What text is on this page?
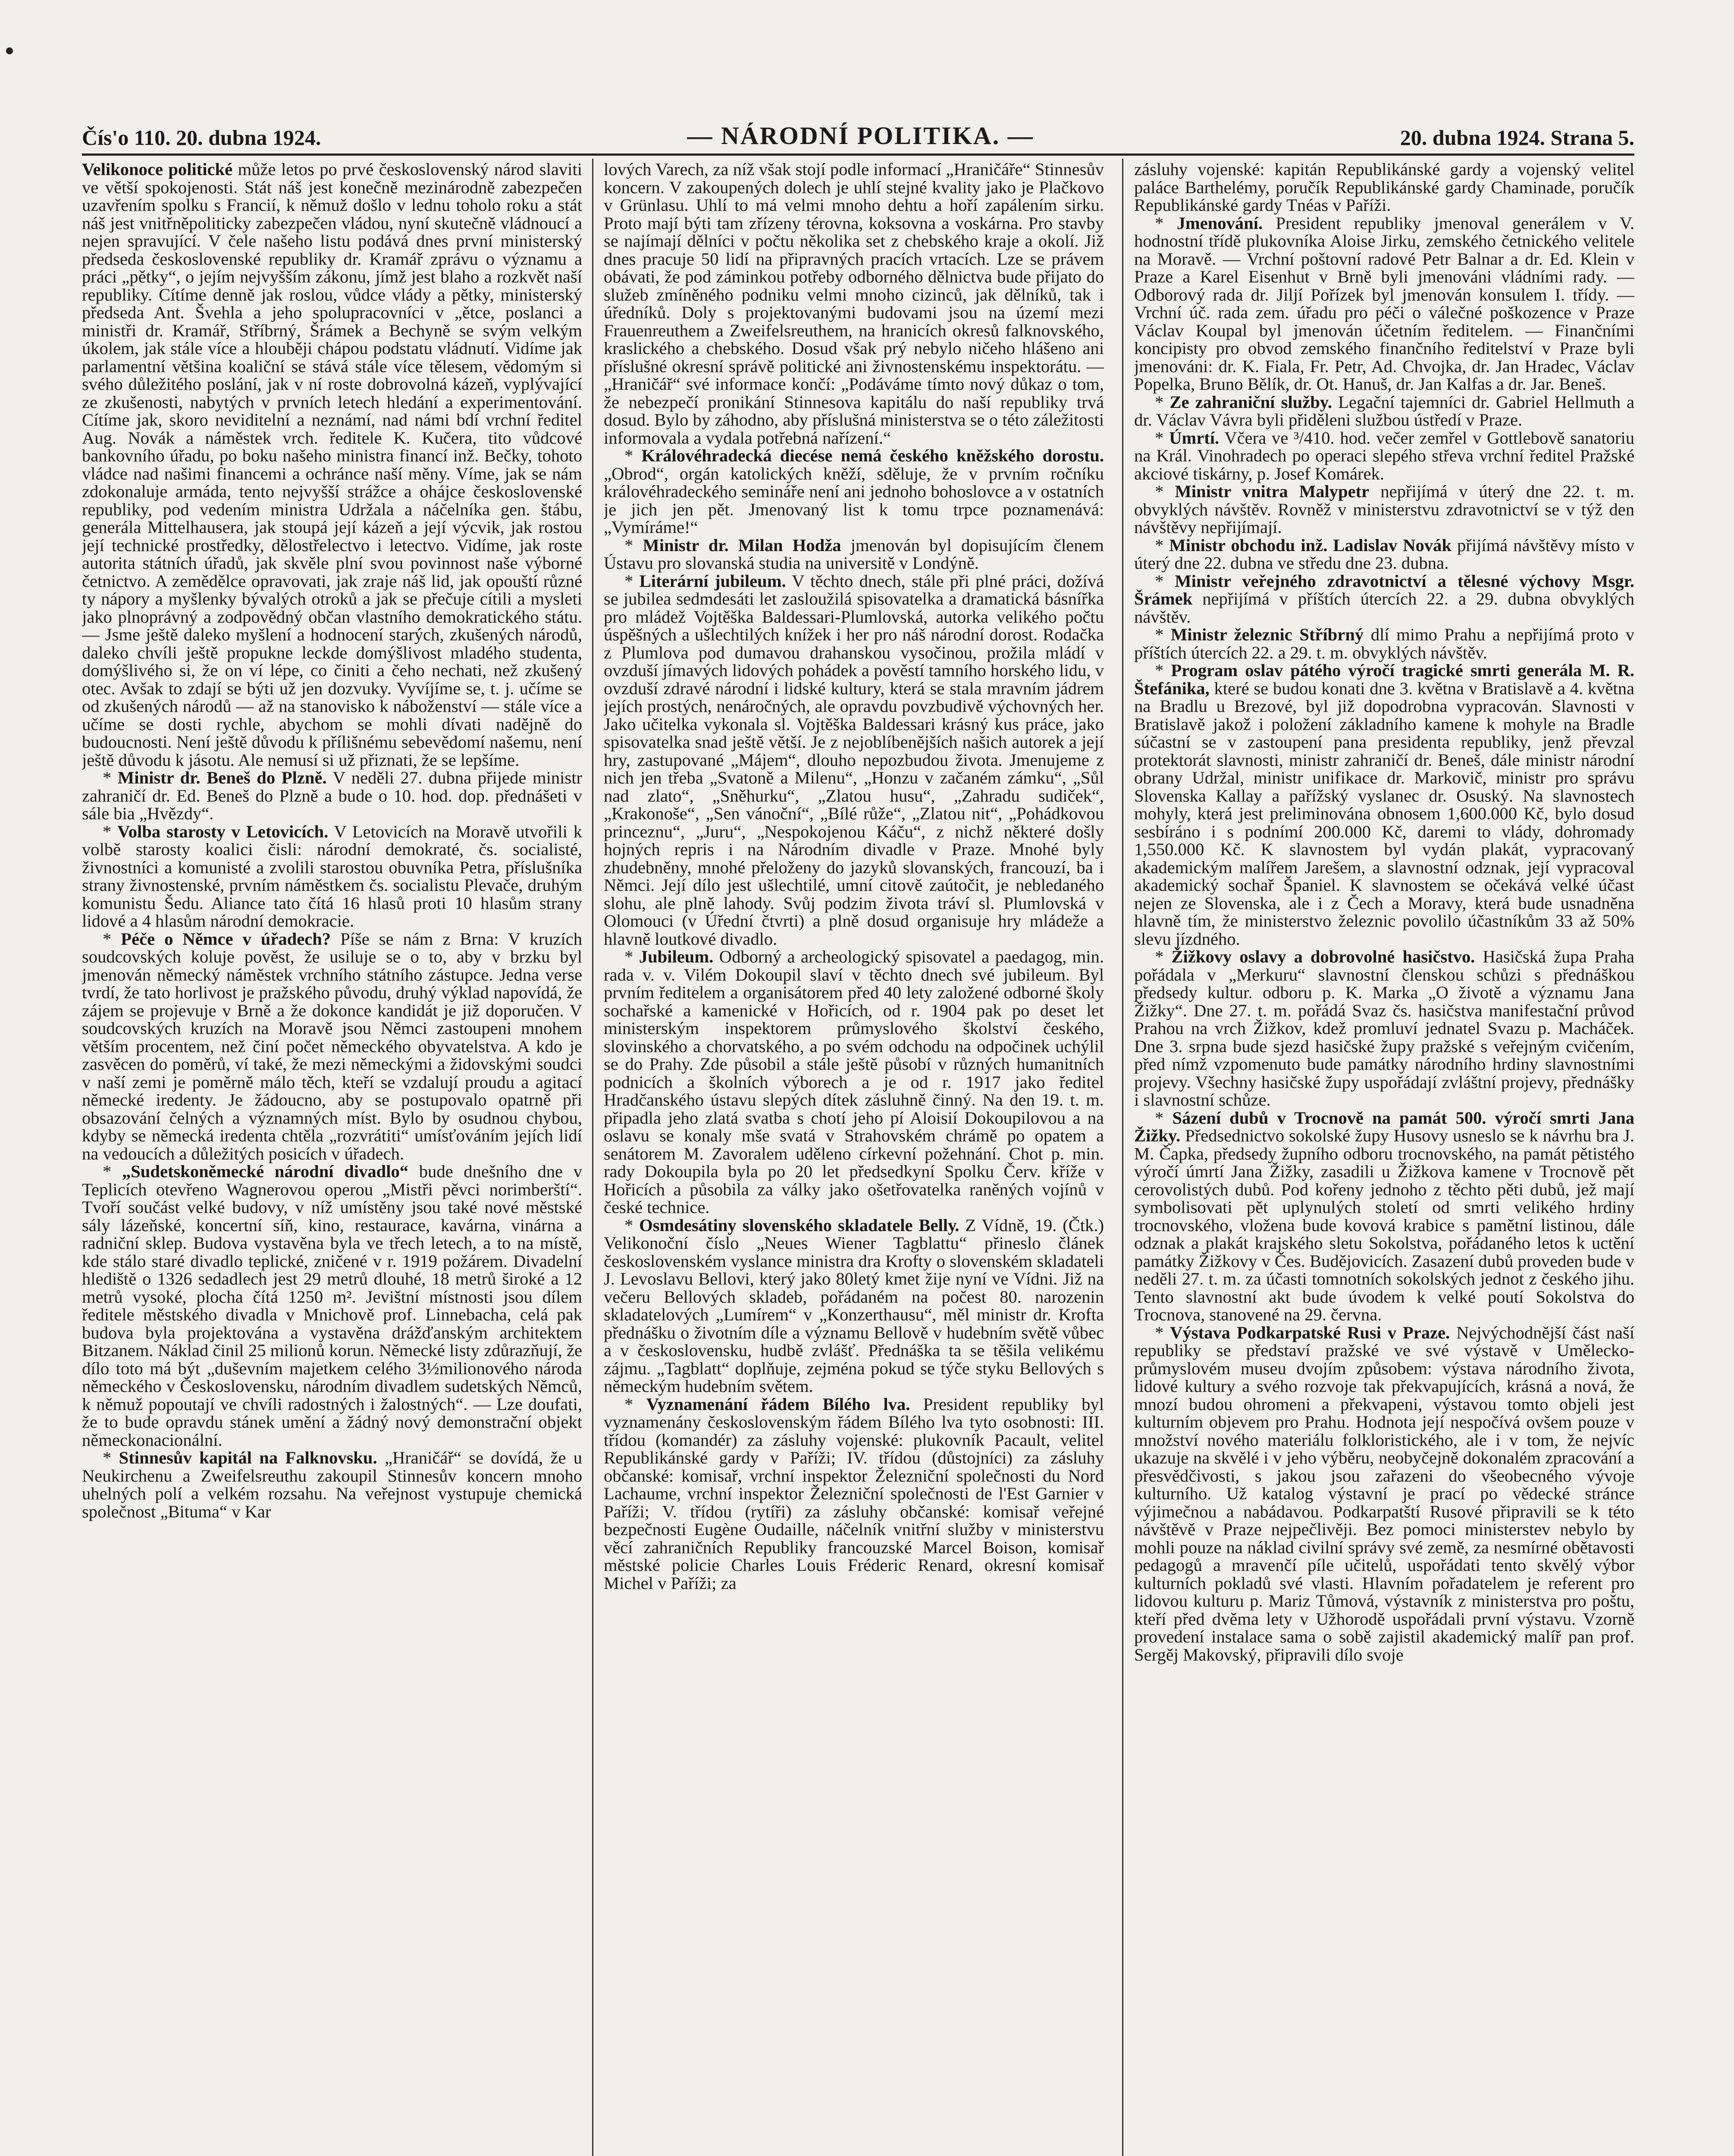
Čís'o 110. 20. dubna 1924.	— NÁRODNÍ POLITIKA. —	20. dubna 1924. Strana 5.

Velikonoce politické může letos po prvé československý národ slaviti ve větší spokojenosti. Stát náš jest konečně mezinárodně zabezpečen uzavřením spolku s Francií, k němuž došlo v lednu toholo roku a stát náš jest vnitřněpoliticky zabezpečen vládou, nyní skutečně vládnoucí a nejen spravující. V čele našeho listu podává dnes první ministerský předseda československé republiky dr. Kramář zprávu o významu a práci „pětky“, o jejím nejvyšším zákonu, jímž jest blaho a rozkvět naší republiky. Cítíme denně jak roslou, vůdce vlády a pětky, ministerský předseda Ant. Švehla a jeho spolupracovníci v „ětce, poslanci a ministři dr. Kramář, Stříbrný, Šrámek a Bechyně se svým velkým úkolem, jak stále více a hlouběji chápou podstatu vládnutí. Vidíme jak parlamentní většina koaliční se stává stále více tělesem, vědomým si svého důležitého poslání, jak v ní roste dobrovolná kázeň, vyplývající ze zkušenosti, nabytých v prvních letech hledání a experimentování. Cítíme jak, skoro neviditelní a neznámí, nad námi bdí vrchní ředitel Aug. Novák a náměstek vrch. ředitele K. Kučera, tito vůdcové bankovního úřadu, po boku našeho ministra financí inž. Bečky, tohoto vládce nad našimi financemi a ochránce naší měny. Víme, jak se nám zdokonaluje armáda, tento nejvyšší strážce a ohájce československé republiky, pod vedením ministra Udržala a náčelníka gen. štábu, generála Mittelhausera, jak stoupá její kázeň a její výcvik, jak rostou její technické prostředky, dělostřelectvo i letectvo. Vidíme, jak roste autorita státních úřadů, jak skvěle plní svou povinnost naše výborné četnictvo. A zemědělce opravovati, jak zraje náš lid, jak opouští různé ty nápory a myšlenky bývalých otroků a jak se přečuje cítili a mysleti jako plnoprávný a zodpovědný občan vlastního demokratického státu. — Jsme ještě daleko myšlení a hodnocení starých, zkušených národů, daleko chvíli ještě propukne leckde domýšlivost mladého studenta, domýšlivého si, že on ví lépe, co činiti a čeho nechati, než zkušený otec. Avšak to zdají se býti už jen dozvuky. Vyvíjíme se, t. j. učíme se od zkušených národů — až na stanovisko k náboženství — stále více a učíme se dosti rychle, abychom se mohli dívati nadějně do budoucnosti. Není ještě důvodu k přílišnému sebevědomí našemu, není ještě důvodu k jásotu. Ale nemusí si už přiznati, že se lepšíme.

* Ministr dr. Beneš do Plzně. V neděli 27. dubna přijede ministr zahraničí dr. Ed. Beneš do Plzně a bude o 10. hod. dop. přednášeti v sále bia „Hvězdy“.

* Volba starosty v Letovicích. V Letovicích na Moravě utvořili k volbě starosty koalici čisli: národní demokraté, čs. socialisté, živnostníci a komunisté a zvolili starostou obuvníka Petra, příslušníka strany živnostenské, prvním náměstkem čs. socialistu Plevače, druhým komunistu Šedu. Aliance tato čítá 16 hlasů proti 10 hlasům strany lidové a 4 hlasům národní demokracie.

* Péče o Němce v úřadech? Píše se nám z Brna: V kruzích soudcovských koluje pověst, že usiluje se o to, aby v brzku byl jmenován německý náměstek vrchního státního zástupce. Jedna verse tvrdí, že tato horlivost je pražského původu, druhý výklad napovídá, že zájem se projevuje v Brně a že dokonce kandidát je již doporučen. V soudcovských kruzích na Moravě jsou Němci zastoupeni mnohem větším procentem, než činí počet německého obyvatelstva. A kdo je zasvěcen do poměrů, ví také, že mezi německými a židovskými soudci v naší zemi je poměrně málo těch, kteří se vzdalují proudu a agitací německé iredenty. Je žádoucno, aby se postupovalo opatrně při obsazování čelných a významných míst. Bylo by osudnou chybou, kdyby se německá iredenta chtěla „rozvrátiti“ umísťováním jejích lidí na vedoucích a důležitých posicích v úřadech.

* „Sudetskoněmecké národní divadlo“ bude dnešního dne v Teplicích otevřeno Wagnerovou operou „Mistři pěvci norimberští“. Tvoří součást velké budovy, v níž umístěny jsou také nové městské sály lázeňské, koncertní síň, kino, restaurace, kavárna, vinárna a radniční sklep. Budova vystavěna byla ve třech letech, a to na místě, kde stálo staré divadlo teplické, zničené v r. 1919 požárem. Divadelní hlediště o 1326 sedadlech jest 29 metrů dlouhé, 18 metrů široké a 12 metrů vysoké, plocha čítá 1250 m². Jevištní místnosti jsou dílem ředitele městského divadla v Mnichově prof. Linnebacha, celá pak budova byla projektována a vystavěna drážďanským architektem Bitzanem. Náklad činil 25 milionů korun. Německé listy zdůrazňují, že dílo toto má být „duševním majetkem celého 3½milionového národa německého v Československu, národním divadlem sudetských Němců, k němuž popoutají ve chvíli radostných i žalostných“. — Lze doufati, že to bude opravdu stánek umění a žádný nový demonstrační objekt německonacionální.

* Stinnesův kapitál na Falknovsku. „Hraničář“ se dovídá, že u Neukirchenu a Zweifelsreuthu zakoupil Stinnesův koncern mnoho uhelných polí a velkém rozsahu. Na veřejnost vystupuje chemická společnost „Bituma“ v Kar

lových Varech, za níž však stojí podle informací „Hraničáře“ Stinnesův koncern. V zakoupených dolech je uhlí stejné kvality jako je Plačkovo v Grünlasu. Uhlí to má velmi mnoho dehtu a hoří zapálením sirku. Proto mají býti tam zřízeny térovna, koksovna a voskárna. Pro stavby se najímají dělníci v počtu několika set z chebského kraje a okolí. Již dnes pracuje 50 lidí na připravných pracích vrtacích. Lze se právem obávati, že pod záminkou potřeby odborného dělnictva bude přijato do služeb zmíněného podniku velmi mnoho cizinců, jak dělníků, tak i úředníků. Doly s projektovanými budovami jsou na území mezi Frauenreuthem a Zweifelsreuthem, na hranicích okresů falknovského, kraslického a chebského. Dosud však prý nebylo ničeho hlášeno ani příslušné okresní správě politické ani živnostenskému inspektorátu. — „Hraničář“ své informace končí: „Podáváme tímto nový důkaz o tom, že nebezpečí pronikání Stinnesova kapitálu do naší republiky trvá dosud. Bylo by záhodno, aby příslušná ministerstva se o této záležitosti informovala a vydala potřebná nařízení.“

* Královéhradecká diecése nemá českého kněžského dorostu. „Obrod“, orgán katolických kněží, sděluje, že v prvním ročníku královéhradeckého semináře není ani jednoho bohoslovce a v ostatních je jich jen pět. Jmenovaný list k tomu trpce poznamenává: „Vymíráme!“

* Ministr dr. Milan Hodža jmenován byl dopisujícím členem Ústavu pro slovanská studia na universitě v Londýně.

* Literární jubileum. V těchto dnech, stále při plné práci, dožívá se jubilea sedmdesáti let zasloužilá spisovatelka a dramatická básnířka pro mládež Vojtěška Baldessari-Plumlovská, autorka velikého počtu úspěšných a ušlechtilých knížek i her pro náš národní dorost. Rodačka z Plumlova pod dumavou drahanskou vysočinou, prožila mládí v ovzduší jímavých lidových pohádek a pověstí tamního horského lidu, v ovzduší zdravé národní i lidské kultury, která se stala mravním jádrem jejích prostých, nenáročných, ale opravdu povzbudivě výchovných her. Jako učitelka vykonala sl. Vojtěška Baldessari krásný kus práce, jako spisovatelka snad ještě větší. Je z nejoblíbenějších našich autorek a její hry, zastupované „Májem“, dlouho nepozbudou života. Jmenujeme z nich jen třeba „Svatoně a Milenu“, „Honzu v začaném zámku“, „Sůl nad zlato“, „Sněhurku“, „Zlatou husu“, „Zahradu sudiček“, „Krakonoše“, „Sen vánoční“, „Bílé růže“, „Zlatou nit“, „Pohádkovou princeznu“, „Juru“, „Nespokojenou Káču“, z nichž některé došly hojných repris i na Národním divadle v Praze. Mnohé byly zhudebněny, mnohé přeloženy do jazyků slovanských, francouzí, ba i Němci. Její dílo jest ušlechtilé, umní citově zaútočit, je nebledaného slohu, ale plně lahody. Svůj podzim života tráví sl. Plumlovská v Olomouci (v Úřední čtvrti) a plně dosud organisuje hry mládeže a hlavně loutkové divadlo.

* Jubileum. Odborný a archeologický spisovatel a paedagog, min. rada v. v. Vilém Dokoupil slaví v těchto dnech své jubileum. Byl prvním ředitelem a organisátorem před 40 lety založené odborné školy sochařské a kamenické v Hořicích, od r. 1904 pak po deset let ministerským inspektorem průmyslového školství českého, slovinského a chorvatského, a po svém odchodu na odpočinek uchýlil se do Prahy. Zde působil a stále ještě působí v různých humanitních podnicích a školních výborech a je od r. 1917 jako ředitel Hradčanského ústavu slepých dítek zásluhně činný. Na den 19. t. m. připadla jeho zlatá svatba s chotí jeho pí Aloisií Dokoupilovou a na oslavu se konaly mše svatá v Strahovském chrámě po opatem a senátorem M. Zavoralem uděleno církevní požehnání. Chot p. min. rady Dokoupila byla po 20 let předsedkyní Spolku Červ. kříže v Hořicích a působila za války jako ošetřovatelka raněných vojínů v české technice.

* Osmdesátiny slovenského skladatele Bellу. Z Vídně, 19. (Čtk.) Velikonoční číslo „Neues Wiener Tagblattu“ přineslo článek československém vyslance ministra dra Krofty o slovenském skladateli J. Levoslavu Bellovi, který jako 80letý kmet žije nyní ve Vídni. Již na večeru Bellových skladeb, pořádaném na počest 80. narozenin skladatelových „Lumírem“ v „Konzerthausu“, měl ministr dr. Krofta přednášku o životním díle a významu Bellově v hudebním světě vůbec a v československu, hudbě zvlášť. Přednáška ta se těšila velikému zájmu. „Tagblatt“ doplňuje, zejména pokud se týče styku Bellových s německým hudebním světem.

* Vyznamenání řádem Bílého lva. President republiky byl vyznamenány československým řádem Bílého lva tyto osobnosti: III. třídou (komandér) za zásluhy vojenské: plukovník Pacault, velitel Republikánské gardy v Paříži; IV. třídou (důstojníci) za zásluhy občanské: komisař, vrchní inspektor Železniční společnosti du Nord Lachaume, vrchní inspektor Železniční společnosti de l'Est Garnier v Paříži; V. třídou (rytíři) za zásluhy občanské: komisař veřejné bezpečnosti Eugène Oudaille, náčelník vnitřní služby v ministerstvu věcí zahraničních Republiky francouzské Marcel Boison, komisař městské policie Charles Louis Fréderic Renard, okresní komisař Michel v Paříži; za

zásluhy vojenské: kapitán Republikánské gardy a vojenský velitel paláce Barthelémy, poručík Republikánské gardy Chaminade, poručík Republikánské gardy Tnéas v Paříži.

* Jmenování. President republiky jmenoval generálem v V. hodnostní třídě plukovníka Aloise Jirku, zemského četnického velitele na Moravě. — Vrchní poštovní radové Petr Balnar a dr. Ed. Klein v Praze a Karel Eisenhut v Brně byli jmenováni vládními rady. — Odborový rada dr. Jiljí Pořízek byl jmenován konsulem I. třídy. — Vrchní úč. rada zem. úřadu pro péči o válečné poškozence v Praze Václav Koupal byl jmenován účetním ředitelem. — Finančními koncipisty pro obvod zemského finančního ředitelství v Praze byli jmenováni: dr. K. Fiala, Fr. Petr, Ad. Chvojka, dr. Jan Hradec, Václav Popelka, Bruno Bělík, dr. Ot. Hanuš, dr. Jan Kalfas a dr. Jar. Beneš.

* Ze zahraniční služby. Legační tajemníci dr. Gabriel Hellmuth a dr. Václav Vávra byli přiděleni službou ústředí v Praze.

* Úmrtí. Včera ve ³/410. hod. večer zemřel v Gottlebově sanatoriu na Král. Vinohradech po operaci slepého střeva vrchní ředitel Pražské akciové tiskárny, p. Josef Komárek.

* Ministr vnitra Malypetr nepřijímá v úterý dne 22. t. m. obvyklých návštěv. Rovněž v ministerstvu zdravotnictví se v týž den návštěvy nepřijímají.

* Ministr obchodu inž. Ladislav Novák přijímá návštěvy místo v úterý dne 22. dubna ve středu dne 23. dubna.

* Ministr veřejného zdravotnictví a tělesné výchovy Msgr. Šrámek nepřijímá v příštích útercích 22. a 29. dubna obvyklých návštěv.

* Ministr železnic Stříbrný dlí mimo Prahu a nepřijímá proto v příštích útercích 22. a 29. t. m. obvyklých návštěv.

* Program oslav pátého výročí tragické smrti generála M. R. Štefánika, které se budou konati dne 3. května v Bratislavě a 4. května na Bradlu u Brezové, byl již dopodrobna vypracován. Slavnosti v Bratislavě jakož i položení základního kamene k mohyle na Bradle súčastní se v zastoupení pana presidenta republiky, jenž převzal protektorát slavnosti, ministr zahraničí dr. Beneš, dále ministr národní obrany Udržal, ministr unifikace dr. Markovič, ministr pro správu Slovenska Kallay a pařížský vyslanec dr. Osuský. Na slavnostech mohyly, která jest preliminována obnosem 1,600.000 Kč, bylo dosud sesbíráno i s podnímí 200.000 Kč, daremi to vlády, dohromady 1,550.000 Kč. K slavnostem byl vydán plakát, vypracovaný akademickým malířem Jarešem, a slavnostní odznak, její vypracoval akademický sochař Španiel. K slavnostem se očekává velké účast nejen ze Slovenska, ale i z Čech a Moravy, která bude usnadněna hlavně tím, že ministerstvo železnic povolilo účastníkům 33 až 50% slevu jízdného.

* Žižkovy oslavy a dobrovolné hasičstvo. Hasičská župa Praha pořádala v „Merkuru“ slavnostní členskou schůzi s přednáškou předsedy kultur. odboru p. K. Marka „O životě a významu Jana Žižky“. Dne 27. t. m. pořádá Svaz čs. hasičstva manifestační průvod Prahou na vrch Žižkov, kdež promluví jednatel Svazu p. Macháček. Dne 3. srpna bude sjezd hasičské župy pražské s veřejným cvičením, před nímž vzpomenuto bude památky národního hrdiny slavnostními projevy. Všechny hasičské župy uspořádají zvláštní projevy, přednášky i slavnostní schůze.

* Sázení dubů v Trocnově na památ 500. výročí smrti Jana Žižky. Předsednictvo sokolské župy Husovy usneslo se k návrhu bra J. M. Čapka, předsedy župního odboru trocnovského, na památ pětistého výročí úmrtí Jana Žižky, zasadili u Žižkova kamene v Trocnově pět cerovolistých dubů. Pod kořeny jednoho z těchto pěti dubů, jež mají symbolisovati pět uplynulých století od smrti velikého hrdiny trocnovského, vložena bude kovová krabice s pamětní listinou, dále odznak a plakát krajského sletu Sokolstva, pořádaného letos k uctění památky Žižkovy v Čes. Budějovicích. Zasazení dubů proveden bude v neděli 27. t. m. za účasti tomnotních sokolských jednot z českého jihu. Tento slavnostní akt bude úvodem k velké poutí Sokolstva do Trocnova, stanovené na 29. června.

* Výstava Podkarpatské Rusi v Praze. Nejvýchodnější část naší republiky se představí pražské ve své výstavě v Umělecko-průmyslovém museu dvojím způsobem: výstava národního života, lidové kultury a svého rozvoje tak překvapujících, krásná a nová, že mnozí budou ohromeni a překvapeni, výstavou tomto objeli jest kulturním objevem pro Prahu. Hodnota její nespočívá ovšem pouze v množství nového materiálu folkloristického, ale i v tom, že nejvíc ukazuje na skvělé i v jeho výběru, neobyčejně dokonalém zpracování a přesvědčivosti, s jakou jsou zařazeni do všeobecného vývoje kulturního. Už katalog výstavní je prací po vědecké stránce výjimečnou a nabádavou. Podkarpatští Rusové připravili se k této návštěvě v Praze nejpečlivěji. Bez pomoci ministerstev nebylo by mohli pouze na náklad civilní správy své země, za nesmírné obětavosti pedagogů a mravenčí píle učitelů, uspořádati tento skvělý výbor kulturních pokladů své vlasti. Hlavním pořadatelem je referent pro lidovou kulturu p. Mariz Tůmová, výstavník z ministerstva pro poštu, kteří před dvěma lety v Užhorodě uspořádali první výstavu. Vzorně provedení instalace sama o sobě zajistil akademický malíř pan prof. Sergěj Makovský, připravili dílo svoje
